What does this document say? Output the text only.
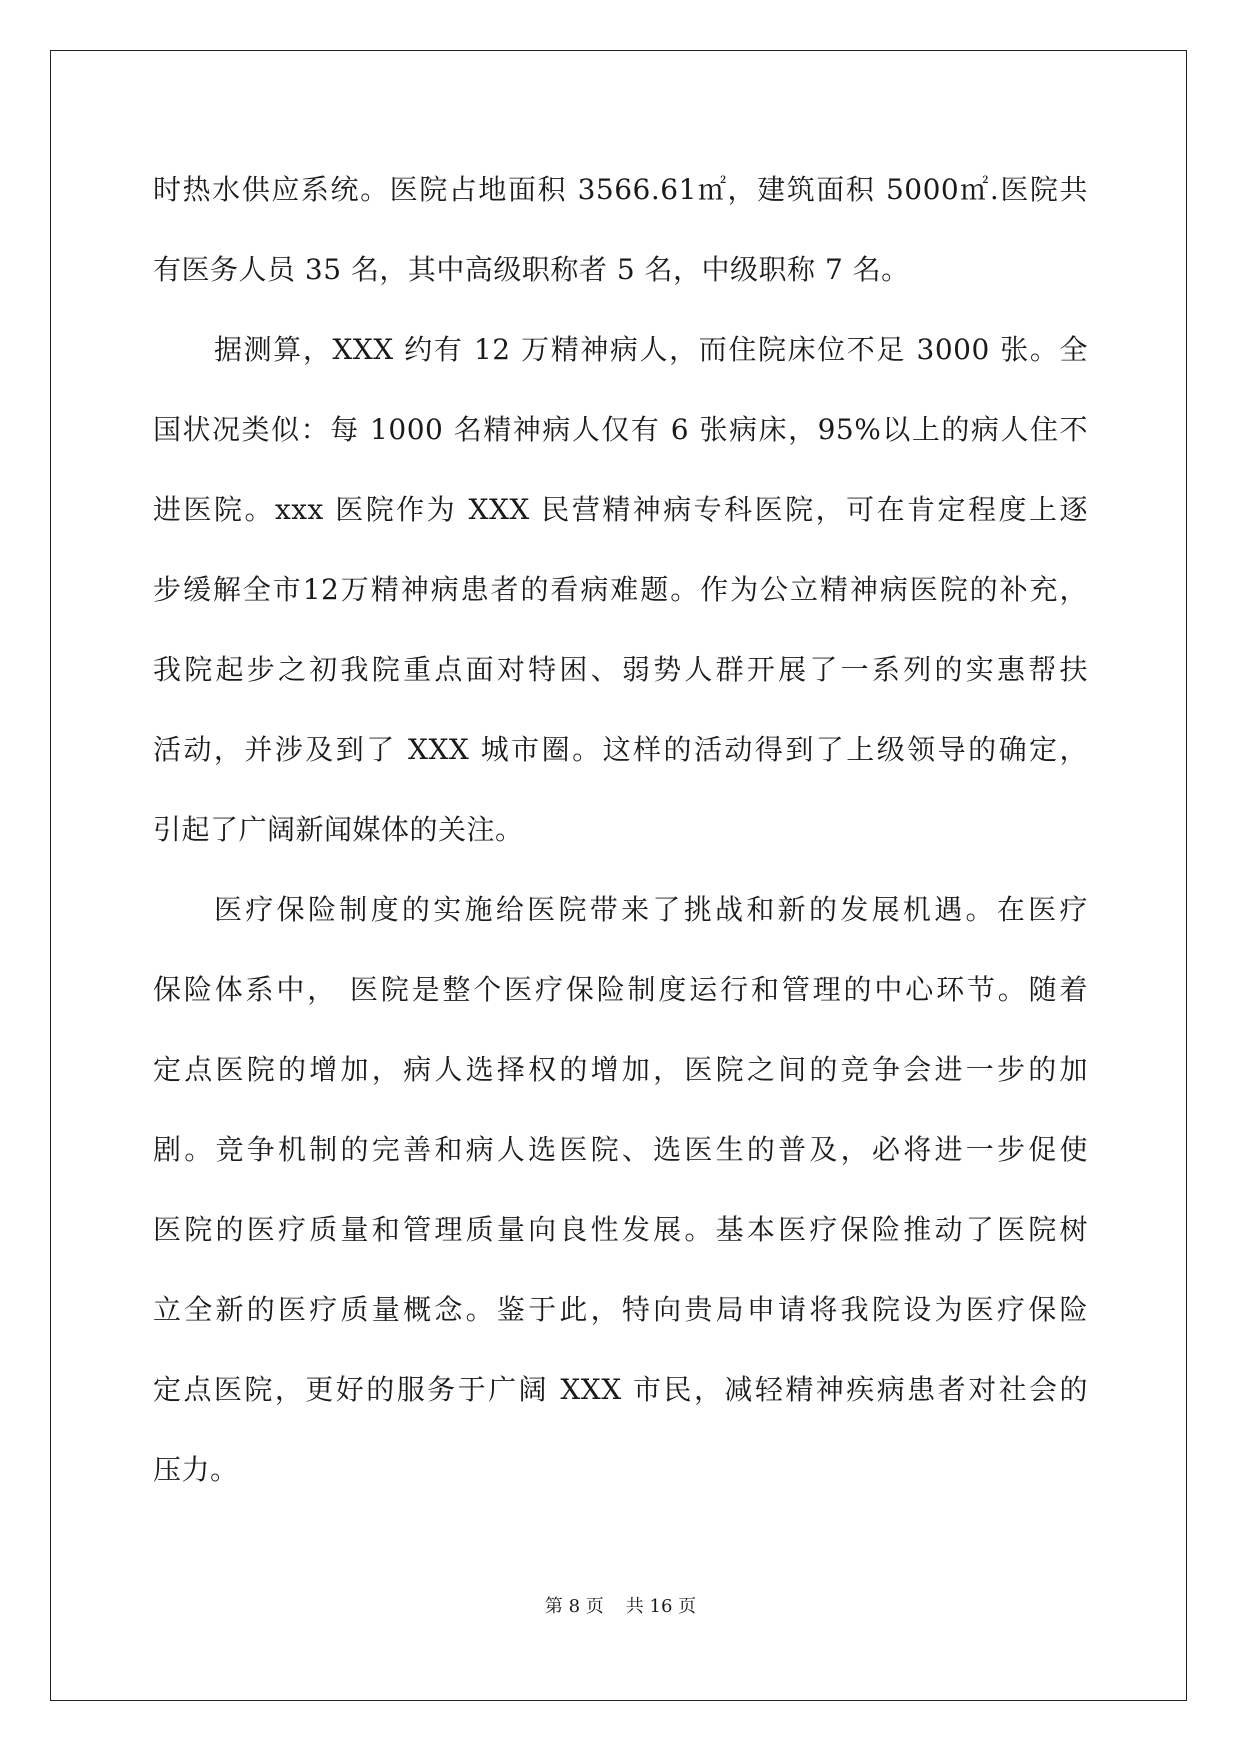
时热水供应系统。医院占地面积 3566.61㎡，建筑面积 5000㎡.医院共
有医务人员 35 名，其中高级职称者 5 名，中级职称 7 名。
据测算，XXX 约有 12 万精神病人，而住院床位不足 3000 张。全
国状况类似：每 1000 名精神病人仅有 6 张病床，95%以上的病人住不
进医院。xxx 医院作为 XXX 民营精神病专科医院，可在肯定程度上逐
步缓解全市12万精神病患者的看病难题。作为公立精神病医院的补充，
我院起步之初我院重点面对特困、弱势人群开展了一系列的实惠帮扶
活动，并涉及到了 XXX 城市圈。这样的活动得到了上级领导的确定，
引起了广阔新闻媒体的关注。
医疗保险制度的实施给医院带来了挑战和新的发展机遇。在医疗
保险体系中， 医院是整个医疗保险制度运行和管理的中心环节。随着
定点医院的增加，病人选择权的增加，医院之间的竞争会进一步的加
剧。竞争机制的完善和病人选医院、选医生的普及，必将进一步促使
医院的医疗质量和管理质量向良性发展。基本医疗保险推动了医院树
立全新的医疗质量概念。鉴于此，特向贵局申请将我院设为医疗保险
定点医院，更好的服务于广阔 XXX 市民，减轻精神疾病患者对社会的
压力。
第 8 页 共 16 页
